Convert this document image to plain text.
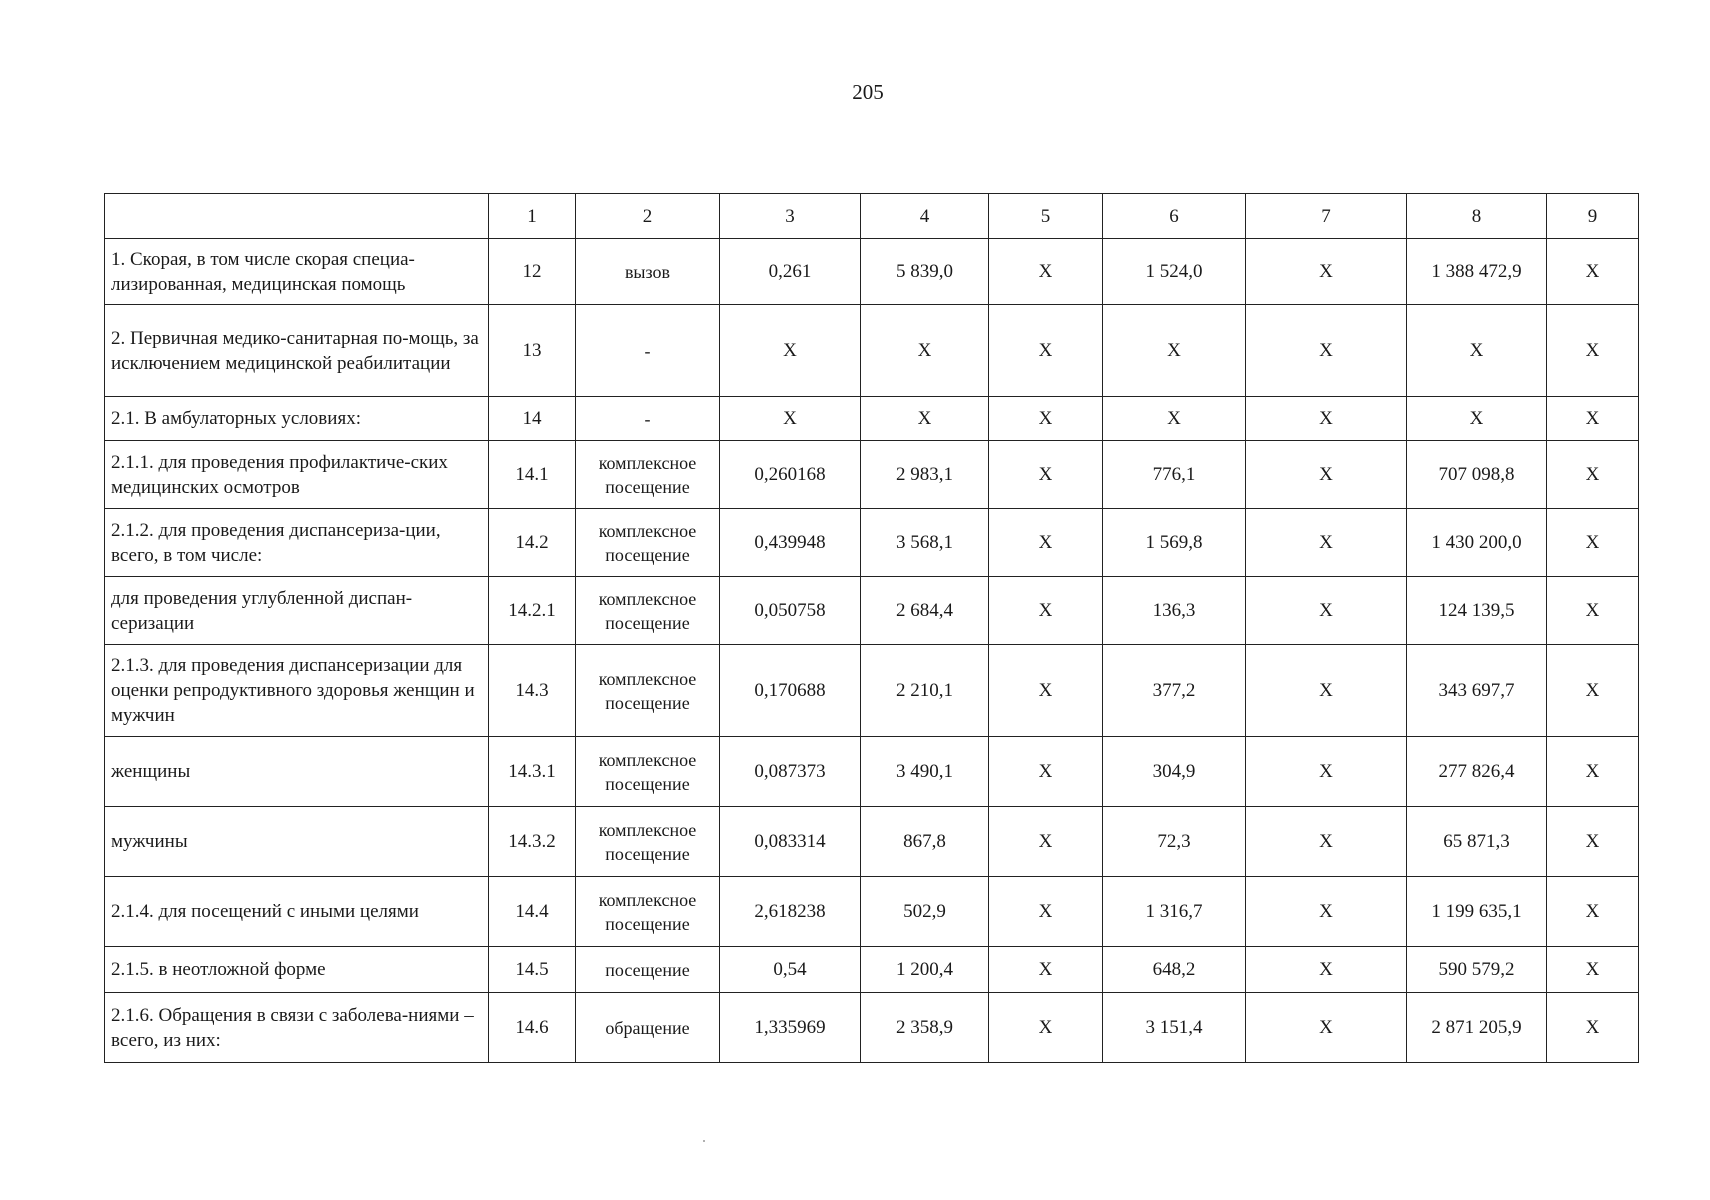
205
	1	2	3	4	5	6	7	8	9
1. Скорая, в том числе скорая специа-лизированная, медицинская помощь	12	вызов	0,261	5 839,0	X	1 524,0	X	1 388 472,9	X
2. Первичная медико-санитарная по-мощь, за исключением медицинской реабилитации	13	-	X	X	X	X	X	X	X
2.1. В амбулаторных условиях:	14	-	X	X	X	X	X	X	X
2.1.1. для проведения профилактиче-ских медицинских осмотров	14.1	комплексное посещение	0,260168	2 983,1	X	776,1	X	707 098,8	X
2.1.2. для проведения диспансериза-ции, всего, в том числе:	14.2	комплексное посещение	0,439948	3 568,1	X	1 569,8	X	1 430 200,0	X
для проведения углубленной диспан-серизации	14.2.1	комплексное посещение	0,050758	2 684,4	X	136,3	X	124 139,5	X
2.1.3. для проведения диспансеризации для оценки репродуктивного здоровья женщин и мужчин	14.3	комплексное посещение	0,170688	2 210,1	X	377,2	X	343 697,7	X
женщины	14.3.1	комплексное посещение	0,087373	3 490,1	X	304,9	X	277 826,4	X
мужчины	14.3.2	комплексное посещение	0,083314	867,8	X	72,3	X	65 871,3	X
2.1.4. для посещений с иными целями	14.4	комплексное посещение	2,618238	502,9	X	1 316,7	X	1 199 635,1	X
2.1.5. в неотложной форме	14.5	посещение	0,54	1 200,4	X	648,2	X	590 579,2	X
2.1.6. Обращения в связи с заболева-ниями – всего, из них:	14.6	обращение	1,335969	2 358,9	X	3 151,4	X	2 871 205,9	X
